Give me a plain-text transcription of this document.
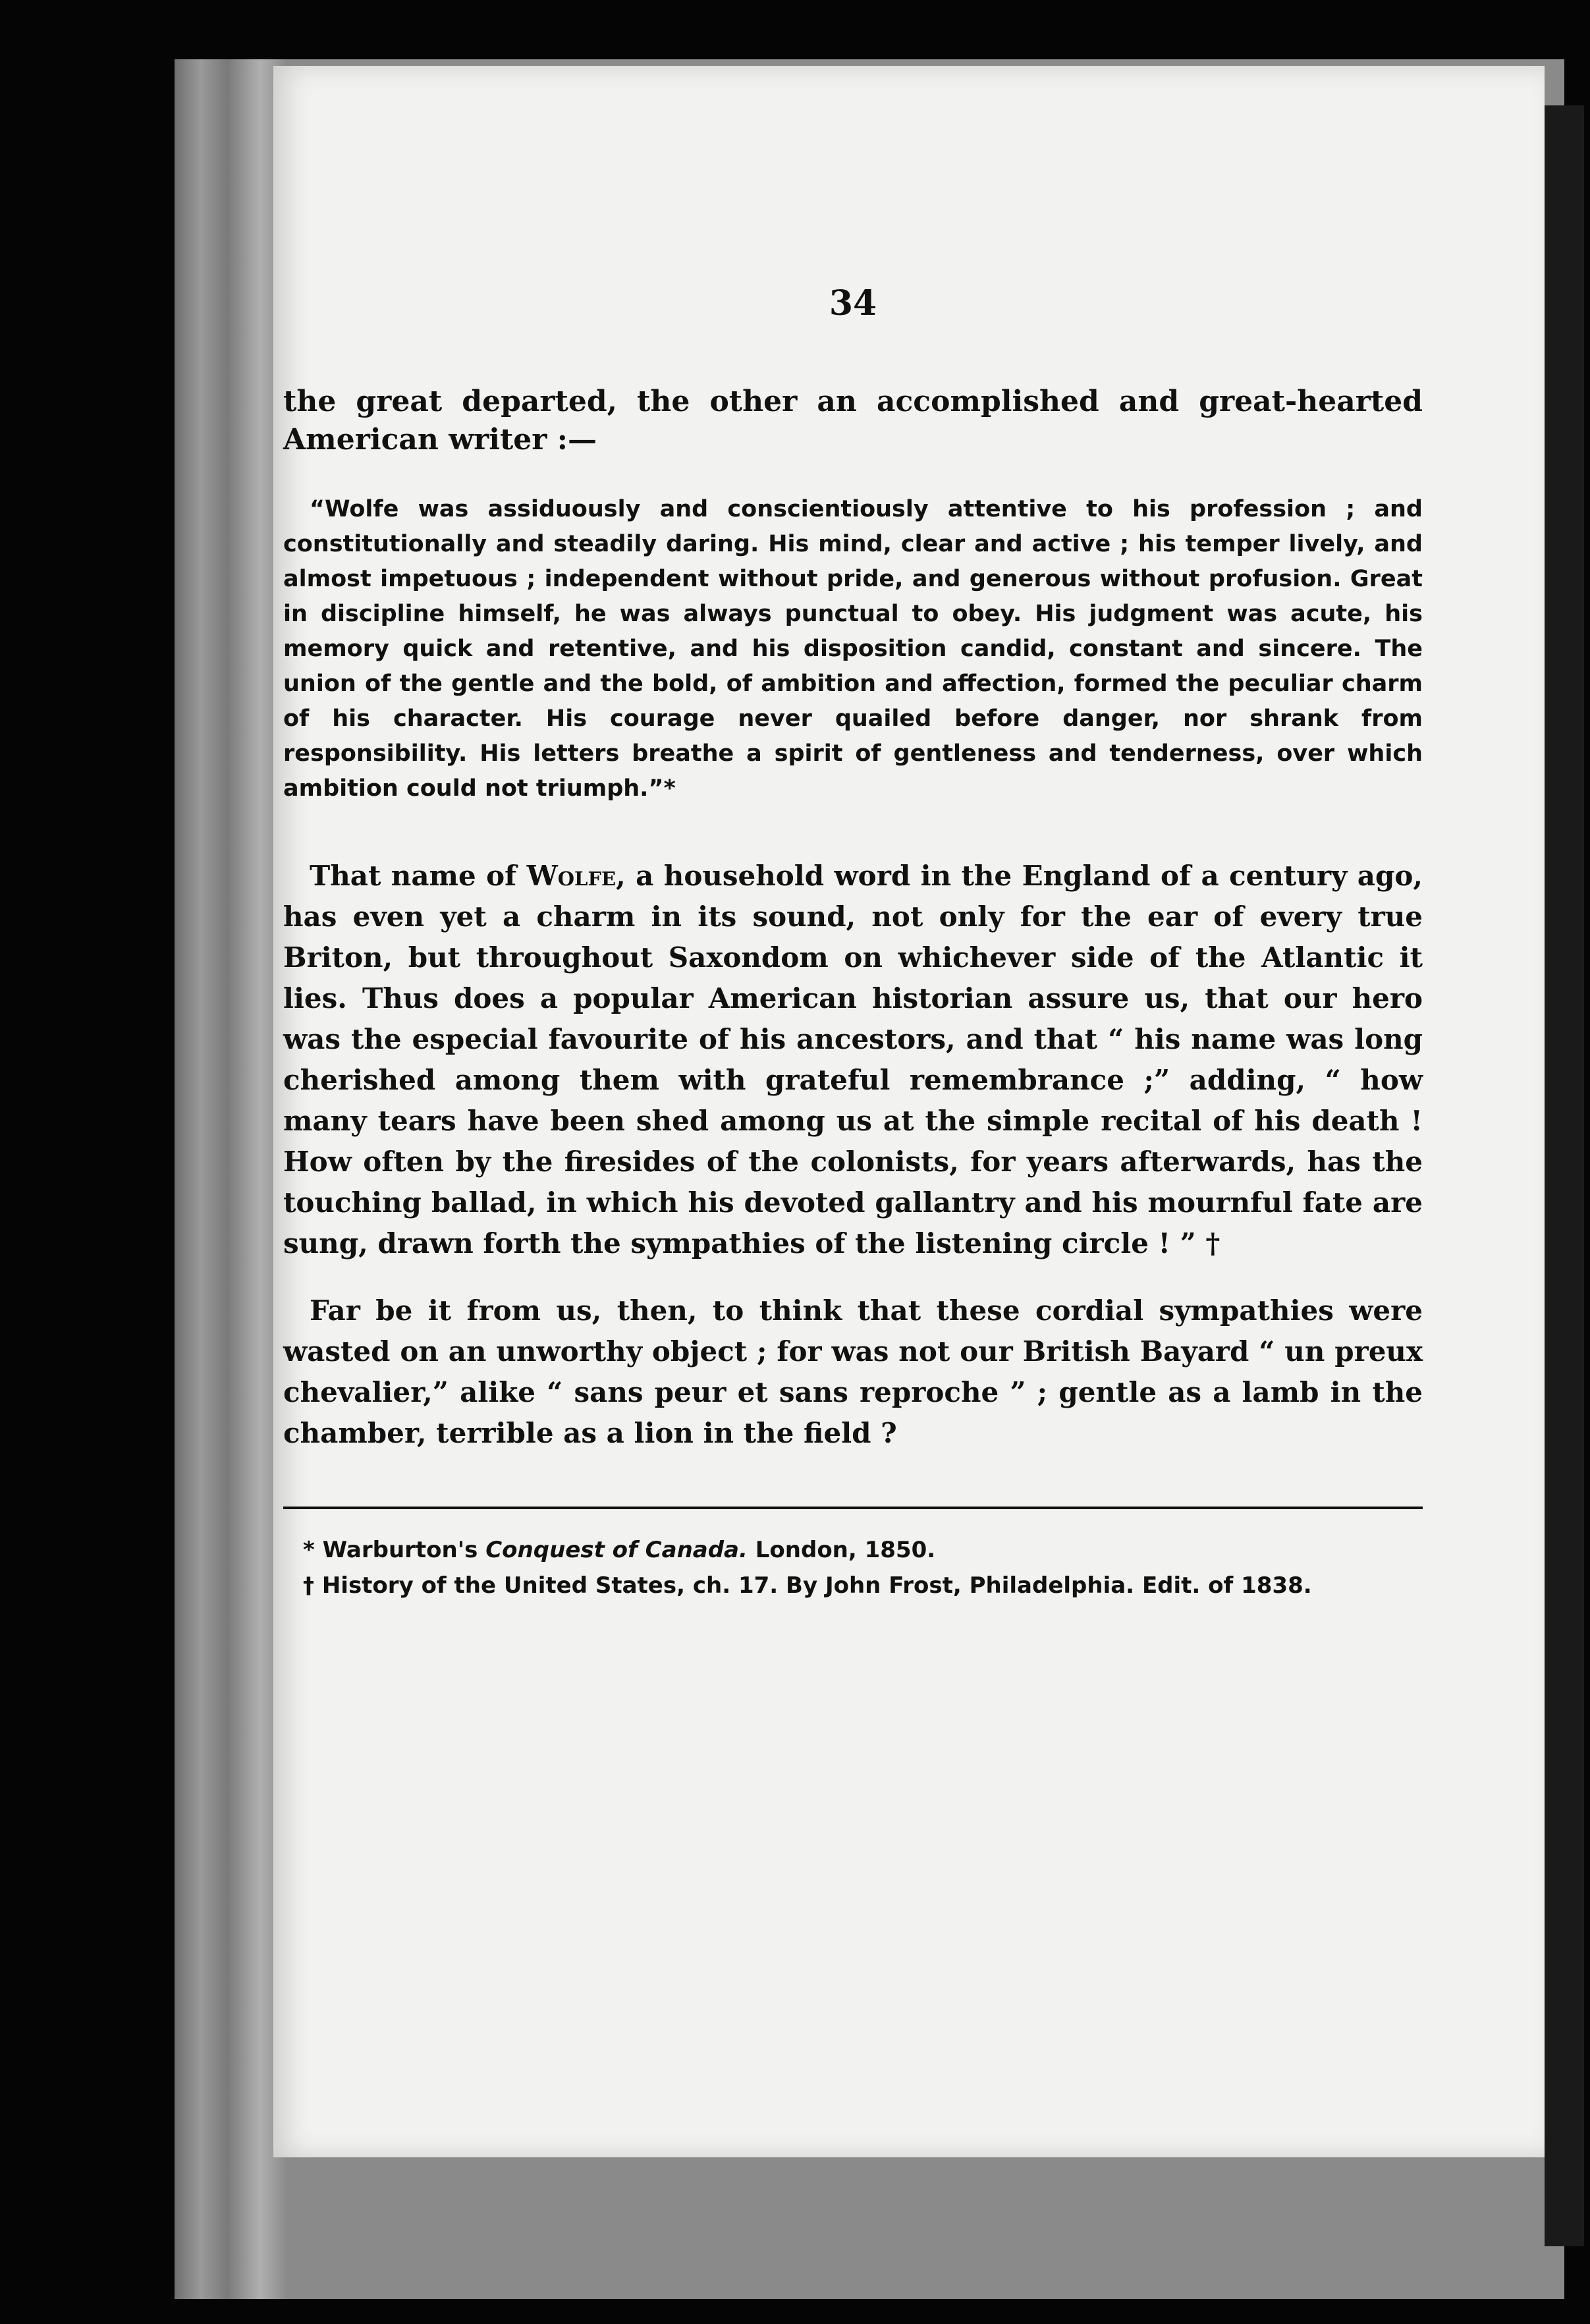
34

the great departed, the other an accomplished and great-hearted American writer :—

“Wolfe was assiduously and conscientiously attentive to his profession ; and constitutionally and steadily daring. His mind, clear and active ; his temper lively, and almost impetuous ; independent without pride, and generous without profusion. Great in discipline himself, he was always punctual to obey. His judgment was acute, his memory quick and retentive, and his disposition candid, constant and sincere. The union of the gentle and the bold, of ambition and affection, formed the peculiar charm of his character. His courage never quailed before danger, nor shrank from responsibility. His letters breathe a spirit of gentleness and tenderness, over which ambition could not triumph.”*

That name of Wolfe, a household word in the England of a century ago, has even yet a charm in its sound, not only for the ear of every true Briton, but throughout Saxondom on whichever side of the Atlantic it lies. Thus does a popular American historian assure us, that our hero was the especial favourite of his ancestors, and that “ his name was long cherished among them with grateful remembrance ;” adding, “ how many tears have been shed among us at the simple recital of his death ! How often by the firesides of the colonists, for years afterwards, has the touching ballad, in which his devoted gallantry and his mournful fate are sung, drawn forth the sympathies of the listening circle ! ” †

Far be it from us, then, to think that these cordial sympathies were wasted on an unworthy object ; for was not our British Bayard “ un preux chevalier,” alike “ sans peur et sans reproche ” ; gentle as a lamb in the chamber, terrible as a lion in the field ?

* Warburton's Conquest of Canada. London, 1850.

† History of the United States, ch. 17. By John Frost, Philadelphia. Edit. of 1838.
